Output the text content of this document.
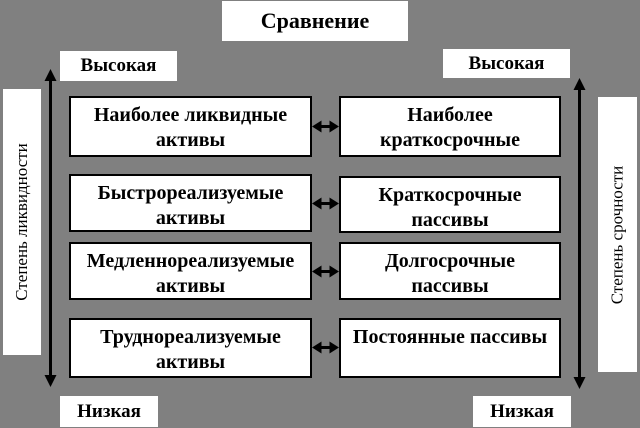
Сравнение
Высокая	Высокая
Низкая	Низкая
Степень ликвидности	Степень срочности
Наиболее ликвидные
активы
Быстрореализуемые
активы
Медленнореализуемые
активы
Труднореализуемые
активы
Наиболее
краткосрочные
Краткосрочные
пассивы
Долгосрочные
пассивы
Постоянные пассивы
